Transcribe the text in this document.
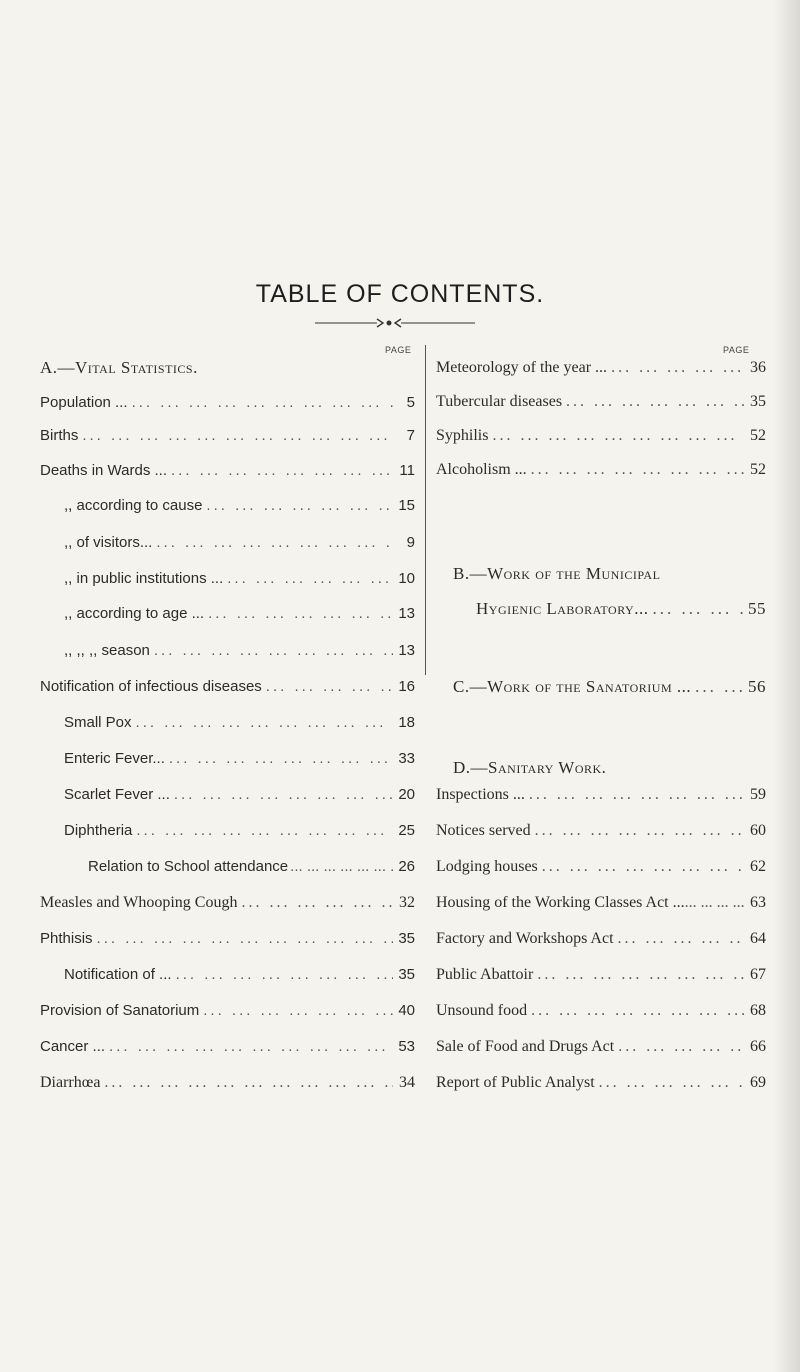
TABLE OF CONTENTS.
PAGE
A.—Vital Statistics.
Population ... ... .	5
Births ... .	7
Deaths in Wards ... ... .	11
,, according to cause ... .	15
,, of visitors... ... .	9
,, in public institutions ... ... .	10
,, according to age ... ... .	13
,, ,, ,, season ... .	13
Notification of infectious diseases ... .	16
Small Pox ... .	18
Enteric Fever... ... .	33
Scarlet Fever ... ... .	20
Diphtheria ... .	25
Relation to School attendance ... .	26
Measles and Whooping Cough ... .	32
Phthisis ... .	35
Notification of ... ... .	35
Provision of Sanatorium ... .	40
Cancer ... ... .	53
Diarrhœa ... .	34
PAGE
Meteorology of the year ... ... .	36
Tubercular diseases ... .	35
Syphilis ... .	52
Alcoholism ... ... .	52
B.—Work of the Municipal
Hygienic Laboratory... ... .	55
C.—Work of the Sanatorium ... ... .	56
D.—Sanitary Work.
Inspections ... ... .	59
Notices served ... .	60
Lodging houses ... .	62
Housing of the Working Classes Act ... ... .	63
Factory and Workshops Act ... .	64
Public Abattoir ... .	67
Unsound food ... .	68
Sale of Food and Drugs Act ... .	66
Report of Public Analyst ... .	69
